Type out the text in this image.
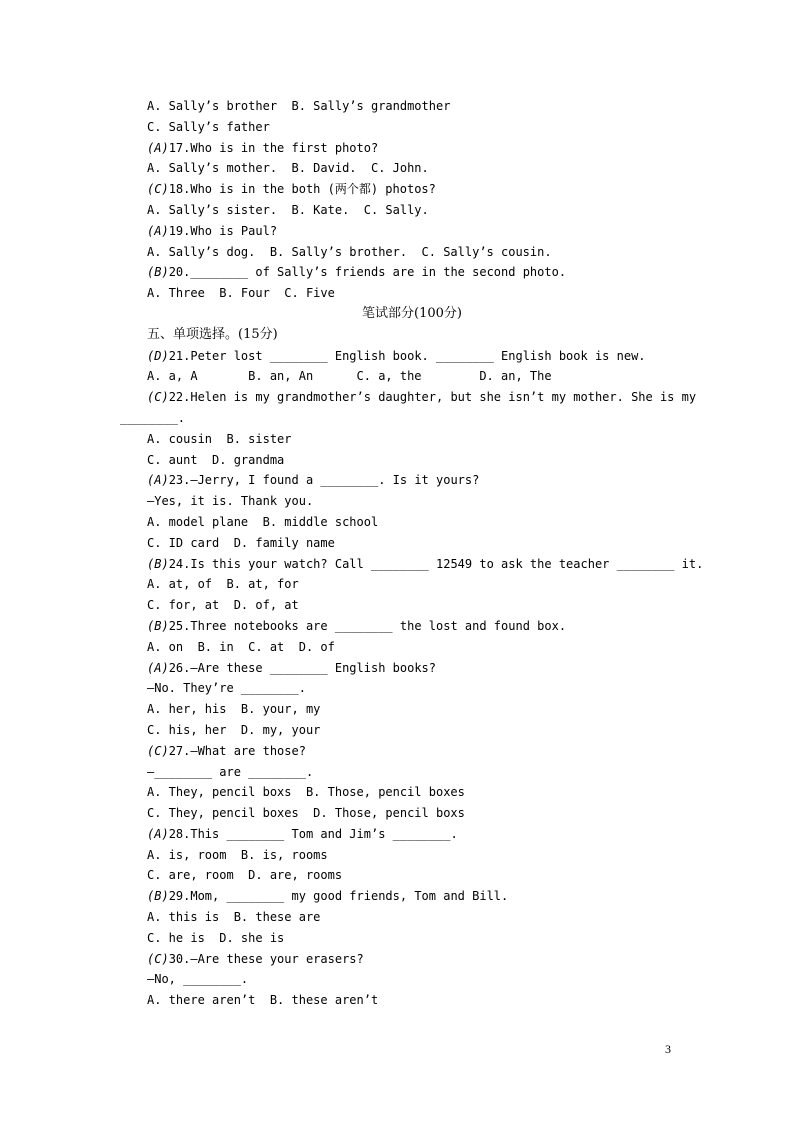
A. Sally’s brother  B. Sally’s grandmother
C. Sally’s father
(A)17.Who is in the first photo?
A. Sally’s mother.  B. David.  C. John.
(C)18.Who is in the both (两个都) photos?
A. Sally’s sister.  B. Kate.  C. Sally.
(A)19.Who is Paul?
A. Sally’s dog.  B. Sally’s brother.  C. Sally’s cousin.
(B)20.________ of Sally’s friends are in the second photo.
A. Three  B. Four  C. Five
笔试部分(100分)
五、单项选择。(15分)
(D)21.Peter lost ________ English book. ________ English book is new.
A. a, A       B. an, An      C. a, the        D. an, The
(C)22.Helen is my grandmother’s daughter, but she isn’t my mother. She is my
________.
A. cousin  B. sister
C. aunt  D. grandma
(A)23.—Jerry, I found a ________. Is it yours?
—Yes, it is. Thank you.
A. model plane  B. middle school
C. ID card  D. family name
(B)24.Is this your watch? Call ________ 12549 to ask the teacher ________ it.
A. at, of  B. at, for
C. for, at  D. of, at
(B)25.Three notebooks are ________ the lost and found box.
A. on  B. in  C. at  D. of
(A)26.—Are these ________ English books?
—No. They’re ________.
A. her, his  B. your, my
C. his, her  D. my, your
(C)27.—What are those?
—________ are ________.
A. They, pencil boxs  B. Those, pencil boxes
C. They, pencil boxes  D. Those, pencil boxs
(A)28.This ________ Tom and Jim’s ________.
A. is, room  B. is, rooms
C. are, room  D. are, rooms
(B)29.Mom, ________ my good friends, Tom and Bill.
A. this is  B. these are
C. he is  D. she is
(C)30.—Are these your erasers?
—No, ________.
A. there aren’t  B. these aren’t
3
